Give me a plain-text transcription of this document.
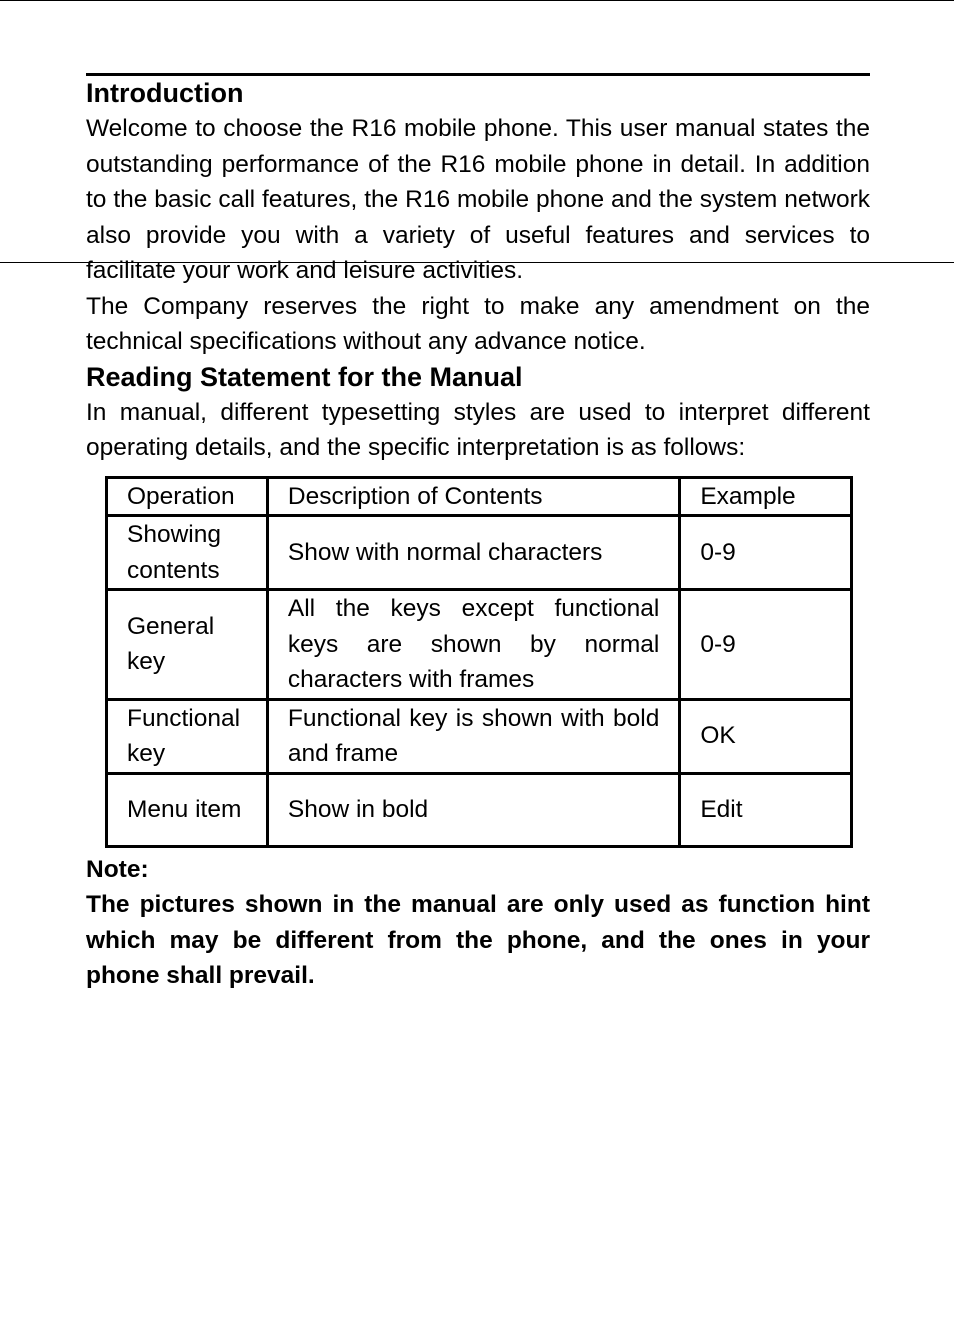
Introduction

Welcome to choose the R16 mobile phone. This user manual states the outstanding performance of the R16 mobile phone in detail. In addition to the basic call features, the R16 mobile phone and the system network also provide you with a variety of useful features and services to facilitate your work and leisure activities.

The Company reserves the right to make any amendment on the technical specifications without any advance notice.

Reading Statement for the Manual

In manual, different typesetting styles are used to interpret different operating details, and the specific interpretation is as follows:

Operation	Description of Contents	Example
Showing contents	Show with normal characters	0-9
General key	All the keys except functional keys are shown by normal characters with frames	0-9
Functional key	Functional key is shown with bold and frame	OK
Menu item	Show in bold	Edit
Note:
The pictures shown in the manual are only used as function hint which may be different from the phone, and the ones in your phone shall prevail.
